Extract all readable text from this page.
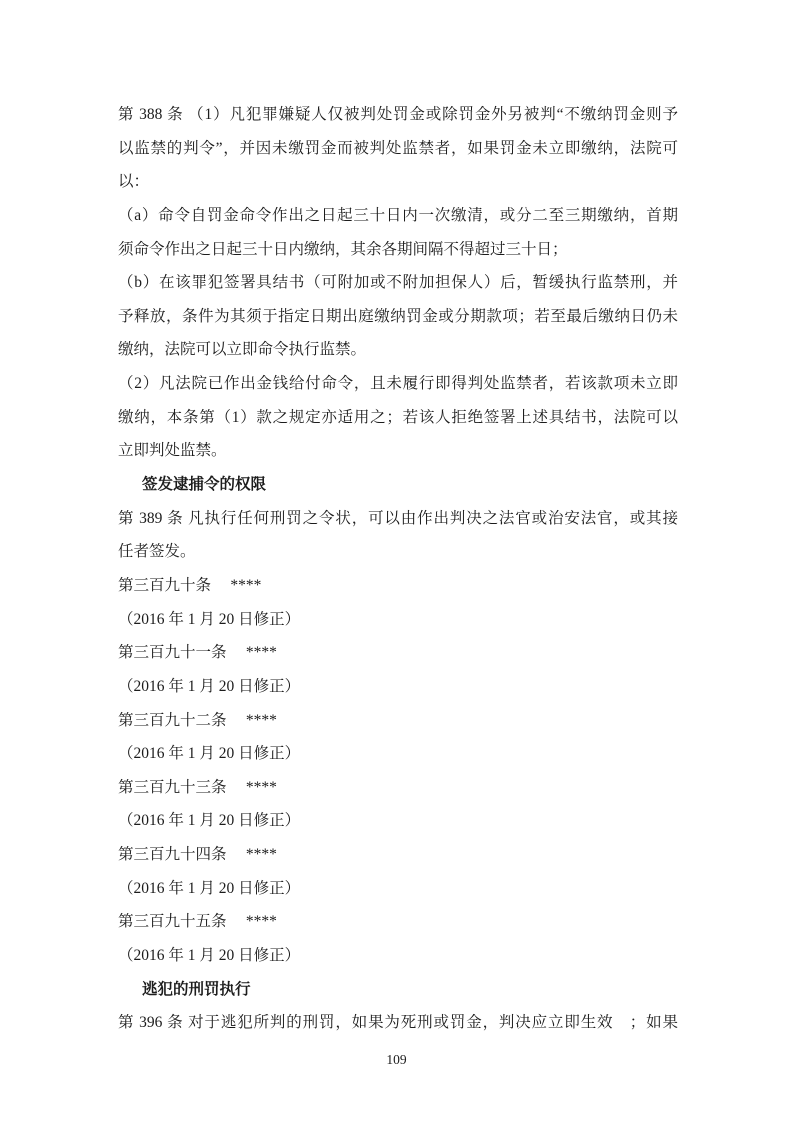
第 388 条 （1）凡犯罪嫌疑人仅被判处罚金或除罚金外另被判“不缴纳罚金则予
以监禁的判令”，并因未缴罚金而被判处监禁者，如果罚金未立即缴纳，法院可
以：
（a）命令自罚金命令作出之日起三十日内一次缴清，或分二至三期缴纳，首期
须命令作出之日起三十日内缴纳，其余各期间隔不得超过三十日；
（b）在该罪犯签署具结书（可附加或不附加担保人）后，暂缓执行监禁刑，并
予释放，条件为其须于指定日期出庭缴纳罚金或分期款项；若至最后缴纳日仍未
缴纳，法院可以立即命令执行监禁。
（2）凡法院已作出金钱给付命令，且未履行即得判处监禁者，若该款项未立即
缴纳，本条第（1）款之规定亦适用之；若该人拒绝签署上述具结书，法院可以
立即判处监禁。
签发逮捕令的权限
第 389 条 凡执行任何刑罚之令状，可以由作出判决之法官或治安法官，或其接
任者签发。
第三百九十条　 ****
（2016 年 1 月 20 日修正）
第三百九十一条　 ****
（2016 年 1 月 20 日修正）
第三百九十二条　 ****
（2016 年 1 月 20 日修正）
第三百九十三条　 ****
（2016 年 1 月 20 日修正）
第三百九十四条　 ****
（2016 年 1 月 20 日修正）
第三百九十五条　 ****
（2016 年 1 月 20 日修正）
逃犯的刑罚执行
第 396 条 对于逃犯所判的刑罚，如果为死刑或罚金，判决应立即生效　；如果
109
